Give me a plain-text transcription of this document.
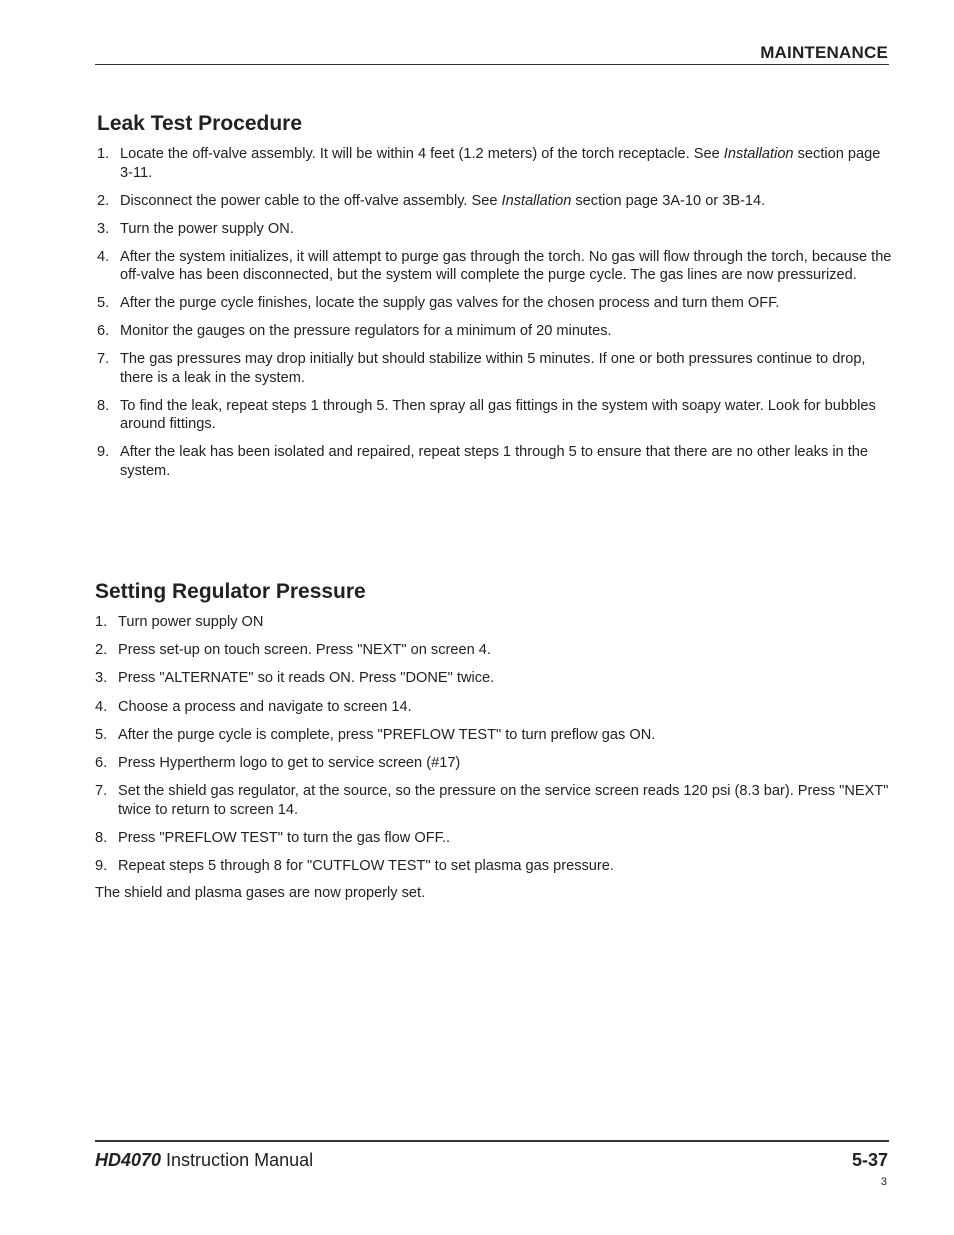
MAINTENANCE
Leak Test Procedure
1. Locate the off-valve assembly. It will be within 4 feet (1.2 meters) of the torch receptacle. See Installation section page 3-11.
2. Disconnect the power cable to the off-valve assembly. See Installation section page 3A-10 or 3B-14.
3. Turn the power supply ON.
4. After the system initializes, it will attempt to purge gas through the torch. No gas will flow through the torch, because the off-valve has been disconnected, but the system will complete the purge cycle. The gas lines are now pressurized.
5. After the purge cycle finishes, locate the supply gas valves for the chosen process and turn them OFF.
6. Monitor the gauges on the pressure regulators for a minimum of 20 minutes.
7. The gas pressures may drop initially but should stabilize within 5 minutes. If one or both pressures continue to drop, there is a leak in the system.
8. To find the leak, repeat steps 1 through 5. Then spray all gas fittings in the system with soapy water. Look for bubbles around fittings.
9. After the leak has been isolated and repaired, repeat steps 1 through 5 to ensure that there are no other leaks in the system.
Setting Regulator Pressure
1. Turn power supply ON
2. Press set-up on touch screen. Press "NEXT" on screen 4.
3. Press "ALTERNATE" so it reads ON. Press "DONE" twice.
4. Choose a process and navigate to screen 14.
5. After the purge cycle is complete, press "PREFLOW TEST" to turn preflow gas ON.
6. Press Hypertherm logo to get to service screen (#17)
7. Set the shield gas regulator, at the source, so the pressure on the service screen reads 120 psi (8.3 bar). Press "NEXT" twice to return to screen 14.
8. Press "PREFLOW TEST" to turn the gas flow OFF..
9. Repeat steps 5 through 8 for "CUTFLOW TEST" to set plasma gas pressure.
The shield and plasma gases are now properly set.
HD4070 Instruction Manual	5-37
3
